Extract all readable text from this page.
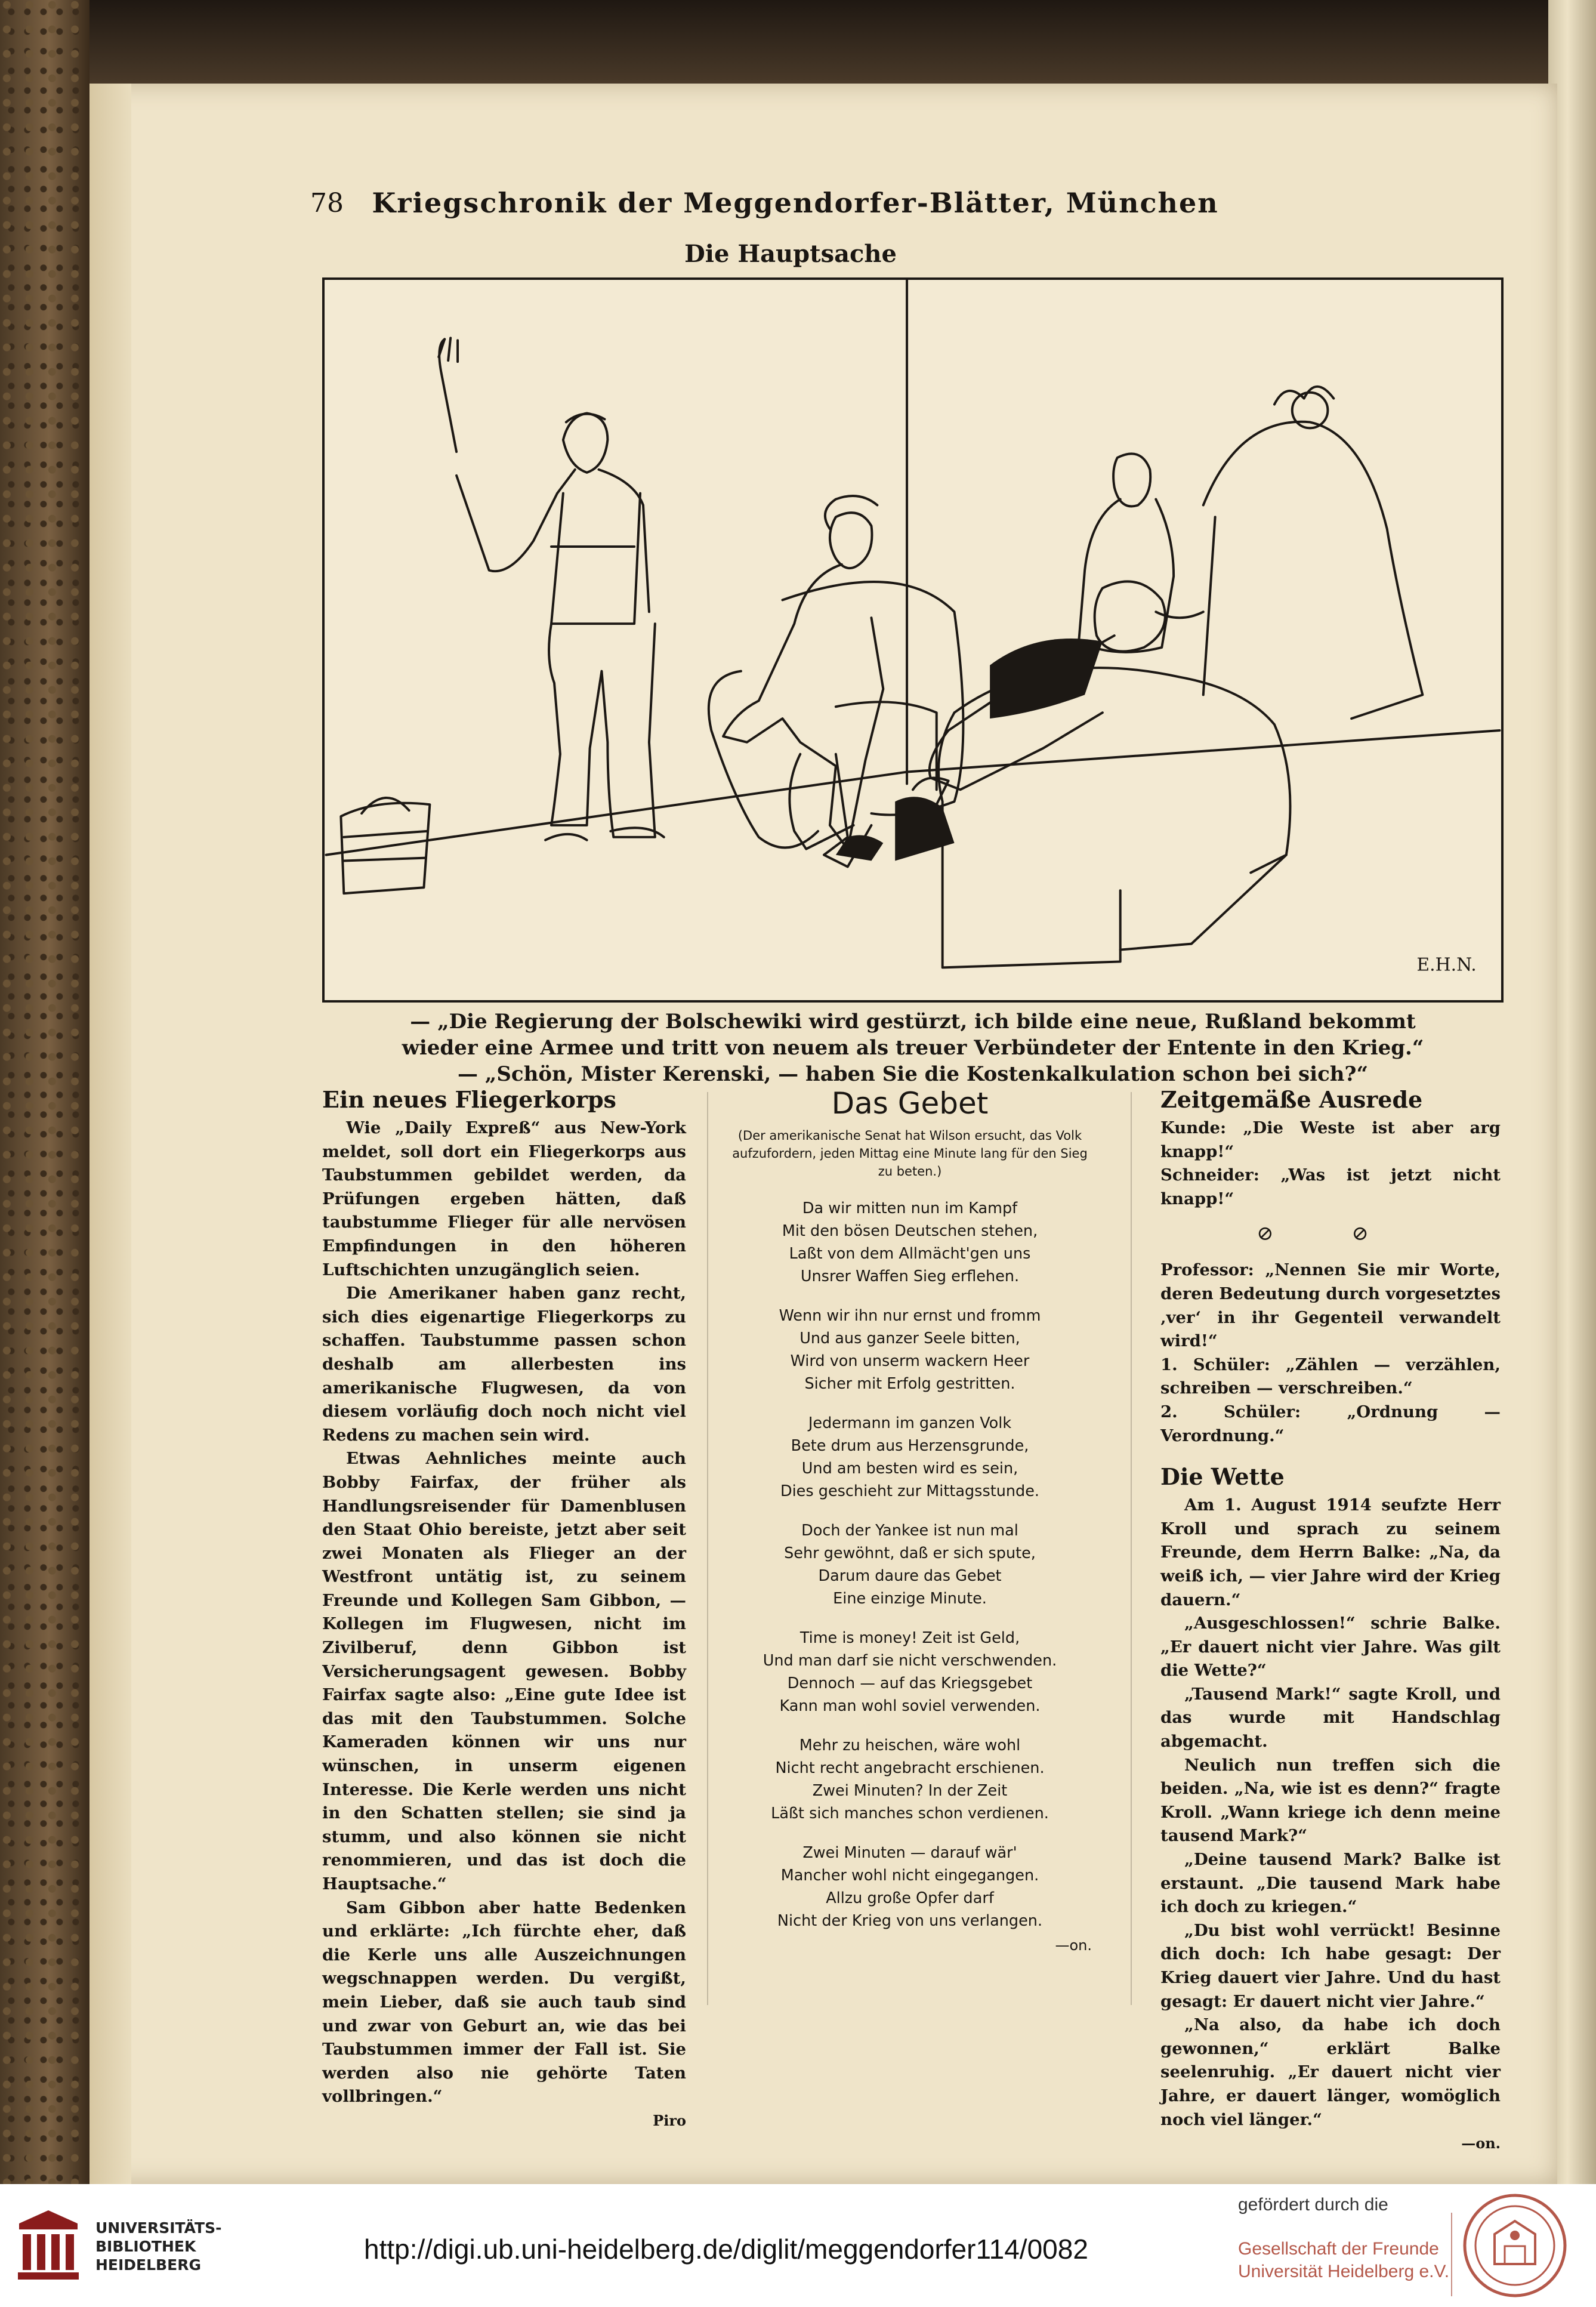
78 Kriegschronik der Meggendorfer-Blätter, München
Die Hauptsache
E.H.N.
— „Die Regierung der Bolschewiki wird gestürzt, ich bilde eine neue, Rußland bekommt
wieder eine Armee und tritt von neuem als treuer Verbündeter der Entente in den Krieg.“
— „Schön, Mister Kerenski, — haben Sie die Kostenkalkulation schon bei sich?“
Ein neues Fliegerkorps

Wie „Daily Expreß“ aus New-York meldet, soll dort ein Fliegerkorps aus Taubstummen gebildet werden, da Prüfungen ergeben hätten, daß taubstumme Flieger für alle nervösen Empfindungen in den höheren Luftschichten unzugänglich seien.

Die Amerikaner haben ganz recht, sich dies eigenartige Fliegerkorps zu schaffen. Taubstumme passen schon deshalb am allerbesten ins amerikanische Flugwesen, da von diesem vorläufig doch noch nicht viel Redens zu machen sein wird.

Etwas Aehnliches meinte auch Bobby Fairfax, der früher als Handlungsreisender für Damenblusen den Staat Ohio bereiste, jetzt aber seit zwei Monaten als Flieger an der Westfront untätig ist, zu seinem Freunde und Kollegen Sam Gibbon, — Kollegen im Flugwesen, nicht im Zivilberuf, denn Gibbon ist Versicherungsagent gewesen. Bobby Fairfax sagte also: „Eine gute Idee ist das mit den Taubstummen. Solche Kameraden können wir uns nur wünschen, in unserm eigenen Interesse. Die Kerle werden uns nicht in den Schatten stellen; sie sind ja stumm, und also können sie nicht renommieren, und das ist doch die Hauptsache.“

Sam Gibbon aber hatte Bedenken und erklärte: „Ich fürchte eher, daß die Kerle uns alle Auszeichnungen wegschnappen werden. Du vergißt, mein Lieber, daß sie auch taub sind und zwar von Geburt an, wie das bei Taubstummen immer der Fall ist. Sie werden also nie gehörte Taten vollbringen.“

Piro
Das Gebet
(Der amerikanische Senat hat Wilson ersucht, das Volk aufzufordern, jeden Mittag eine Minute lang für den Sieg zu beten.)
Da wir mitten nun im Kampf
Mit den bösen Deutschen stehen,
Laßt von dem Allmächt'gen uns
Unsrer Waffen Sieg erflehen.
Wenn wir ihn nur ernst und fromm
Und aus ganzer Seele bitten,
Wird von unserm wackern Heer
Sicher mit Erfolg gestritten.
Jedermann im ganzen Volk
Bete drum aus Herzensgrunde,
Und am besten wird es sein,
Dies geschieht zur Mittagsstunde.
Doch der Yankee ist nun mal
Sehr gewöhnt, daß er sich spute,
Darum daure das Gebet
Eine einzige Minute.
Time is money! Zeit ist Geld,
Und man darf sie nicht verschwenden.
Dennoch — auf das Kriegsgebet
Kann man wohl soviel verwenden.
Mehr zu heischen, wäre wohl
Nicht recht angebracht erschienen.
Zwei Minuten? In der Zeit
Läßt sich manches schon verdienen.
Zwei Minuten — darauf wär'
Mancher wohl nicht eingegangen.
Allzu große Opfer darf
Nicht der Krieg von uns verlangen.
—on.
Zeitgemäße Ausrede

Kunde: „Die Weste ist aber arg knapp!“

Schneider: „Was ist jetzt nicht knapp!“

⊘ ⊘

Professor: „Nennen Sie mir Worte, deren Bedeutung durch vorgesetztes ‚ver‘ in ihr Gegenteil verwandelt wird!“

1. Schüler: „Zählen — verzählen, schreiben — verschreiben.“

2. Schüler: „Ordnung — Verordnung.“

Die Wette

Am 1. August 1914 seufzte Herr Kroll und sprach zu seinem Freunde, dem Herrn Balke: „Na, da weiß ich, — vier Jahre wird der Krieg dauern.“

„Ausgeschlossen!“ schrie Balke. „Er dauert nicht vier Jahre. Was gilt die Wette?“

„Tausend Mark!“ sagte Kroll, und das wurde mit Handschlag abgemacht.

Neulich nun treffen sich die beiden. „Na, wie ist es denn?“ fragte Kroll. „Wann kriege ich denn meine tausend Mark?“

„Deine tausend Mark? Balke ist erstaunt. „Die tausend Mark habe ich doch zu kriegen.“

„Du bist wohl verrückt! Besinne dich doch: Ich habe gesagt: Der Krieg dauert vier Jahre. Und du hast gesagt: Er dauert nicht vier Jahre.“

„Na also, da habe ich doch gewonnen,“ erklärt Balke seelenruhig. „Er dauert nicht vier Jahre, er dauert länger, womöglich noch viel länger.“

—on.
UNIVERSITÄTS-
BIBLIOTHEK
HEIDELBERG
http://digi.ub.uni-heidelberg.de/diglit/meggendorfer114/0082
gefördert durch die
Gesellschaft der Freunde
Universität Heidelberg e.V.
